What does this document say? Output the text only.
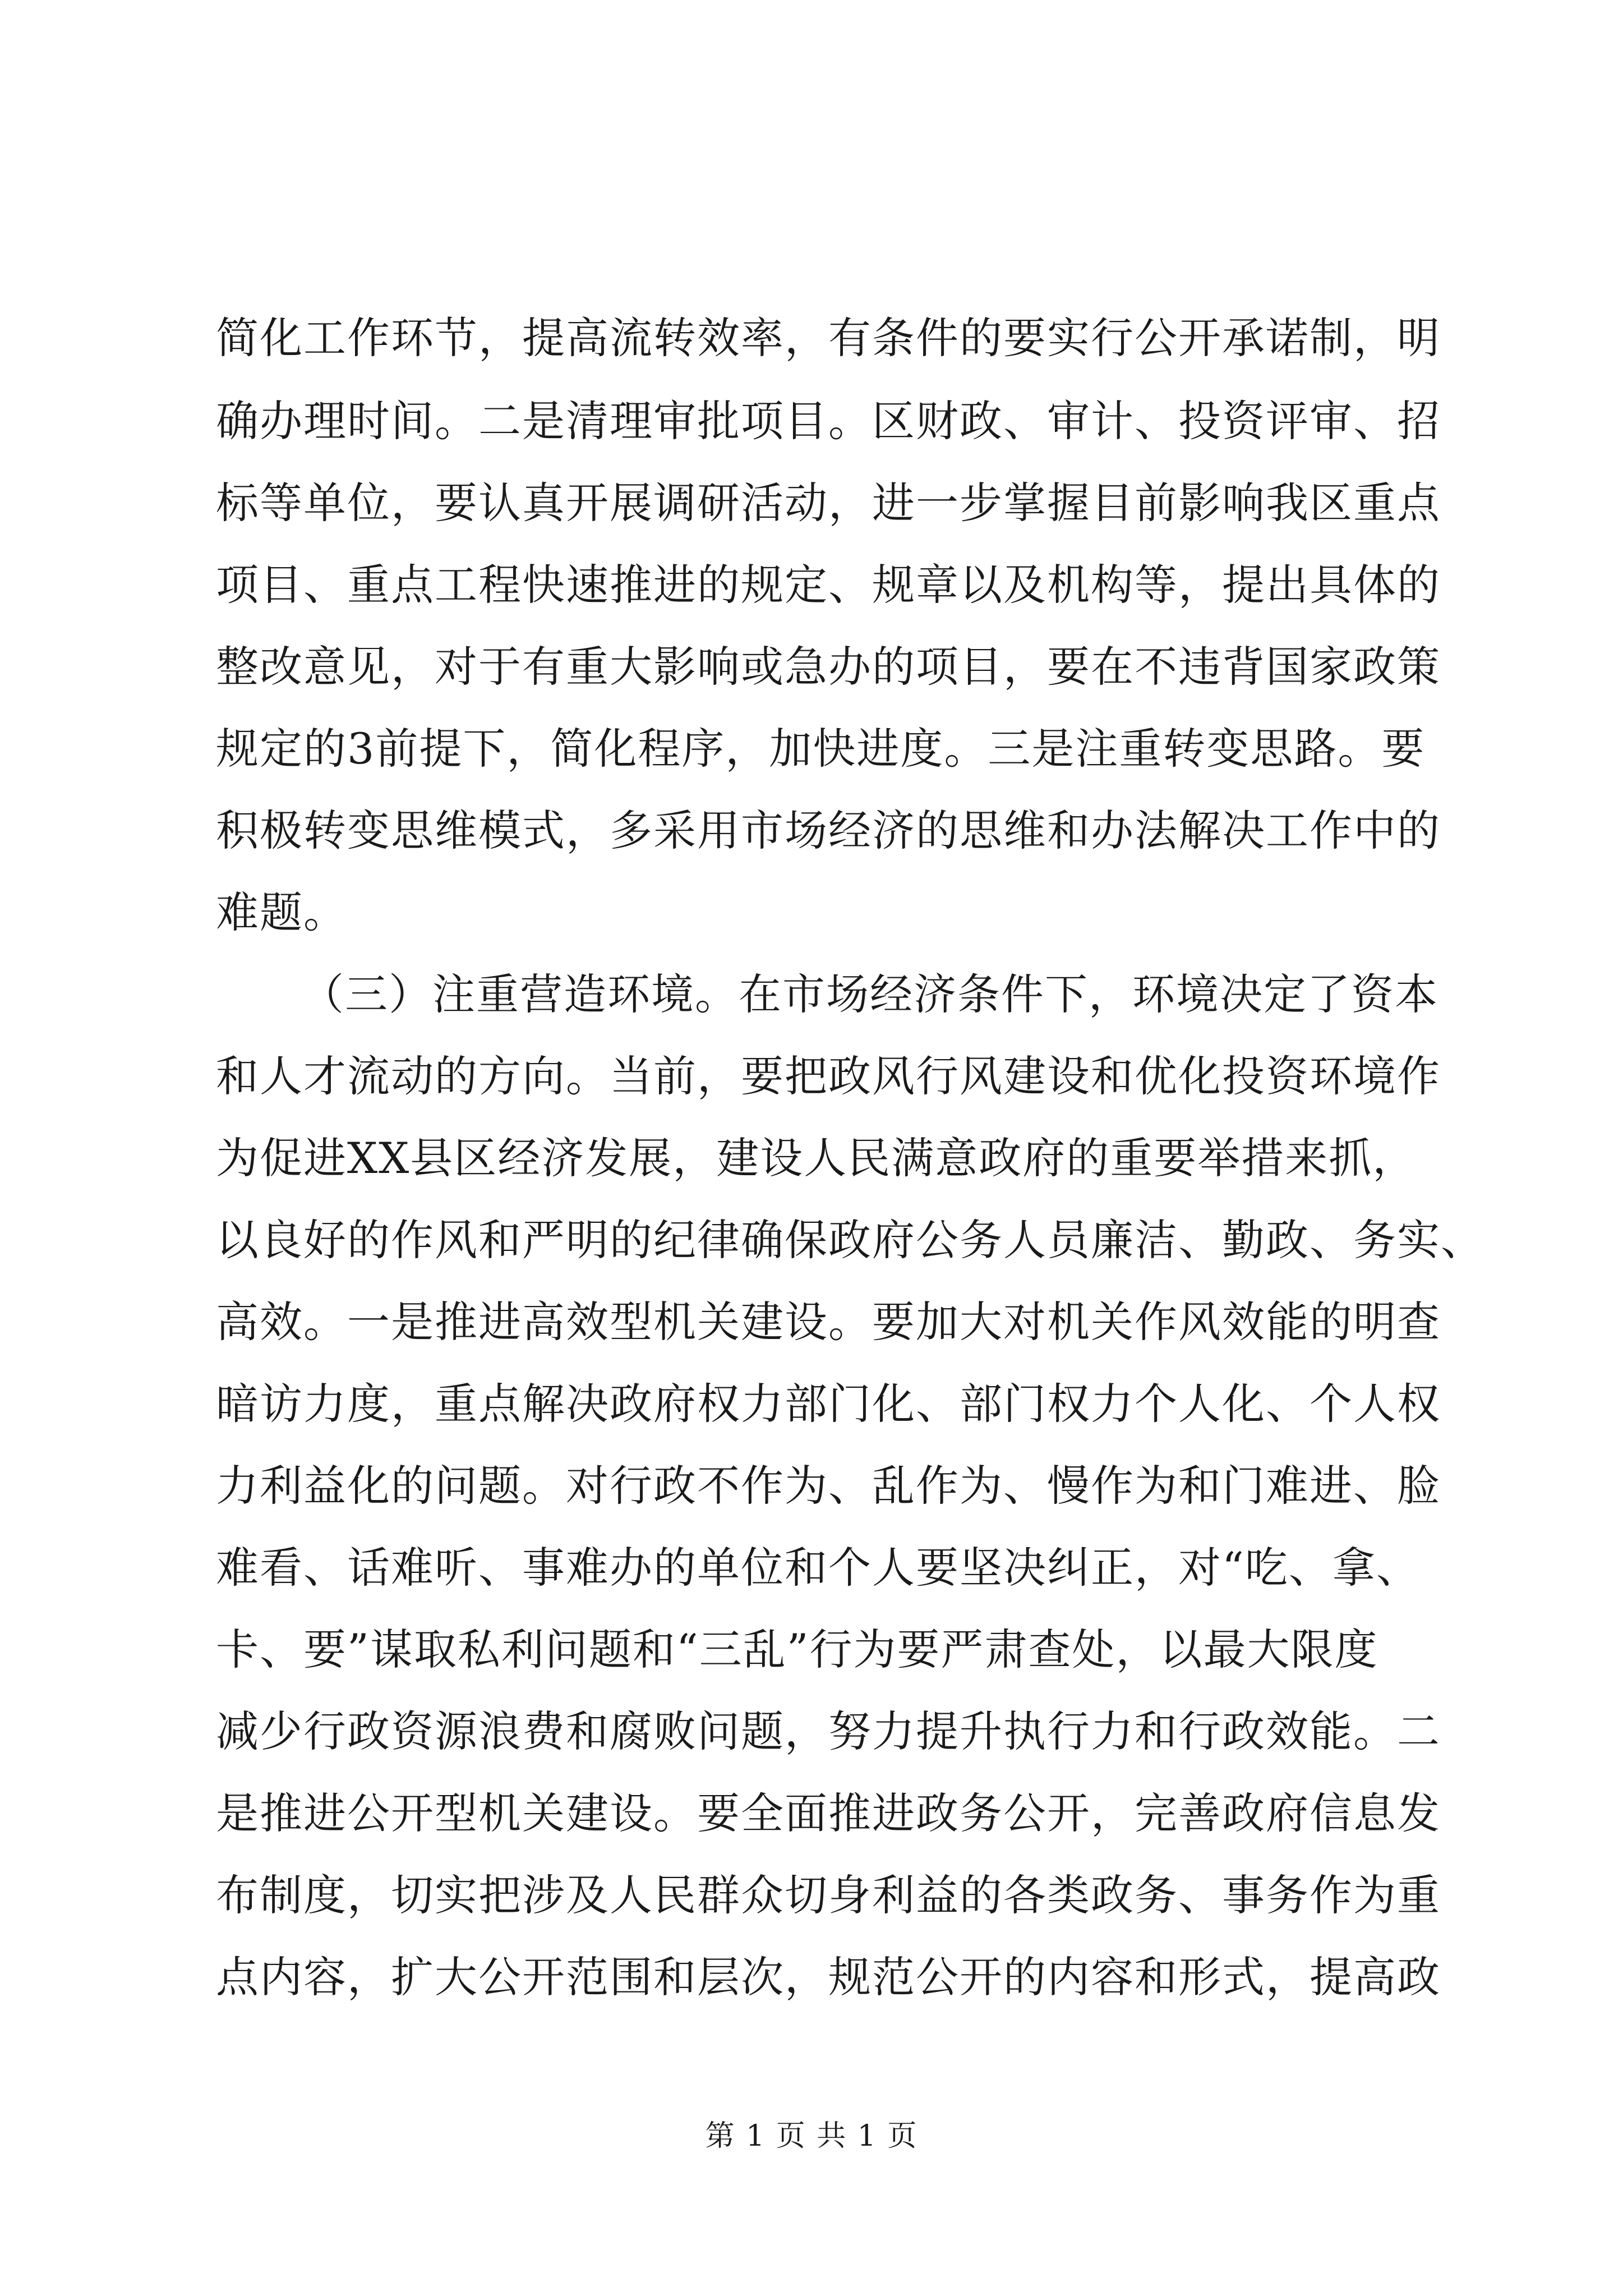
简化工作环节，提高流转效率，有条件的要实行公开承诺制，明
确办理时间。二是清理审批项目。区财政、审计、投资评审、招
标等单位，要认真开展调研活动，进一步掌握目前影响我区重点
项目、重点工程快速推进的规定、规章以及机构等，提出具体的
整改意见，对于有重大影响或急办的项目，要在不违背国家政策
规定的3前提下，简化程序，加快进度。三是注重转变思路。要
积极转变思维模式，多采用市场经济的思维和办法解决工作中的
难题。
（三）注重营造环境。在市场经济条件下，环境决定了资本
和人才流动的方向。当前，要把政风行风建设和优化投资环境作
为促进XX县区经济发展，建设人民满意政府的重要举措来抓，
以良好的作风和严明的纪律确保政府公务人员廉洁、勤政、务实、
高效。一是推进高效型机关建设。要加大对机关作风效能的明查
暗访力度，重点解决政府权力部门化、部门权力个人化、个人权
力利益化的问题。对行政不作为、乱作为、慢作为和门难进、脸
难看、话难听、事难办的单位和个人要坚决纠正，对“吃、拿、
卡、要”谋取私利问题和“三乱”行为要严肃查处，以最大限度
减少行政资源浪费和腐败问题，努力提升执行力和行政效能。二
是推进公开型机关建设。要全面推进政务公开，完善政府信息发
布制度，切实把涉及人民群众切身利益的各类政务、事务作为重
点内容，扩大公开范围和层次，规范公开的内容和形式，提高政
第 1 页 共 1 页
